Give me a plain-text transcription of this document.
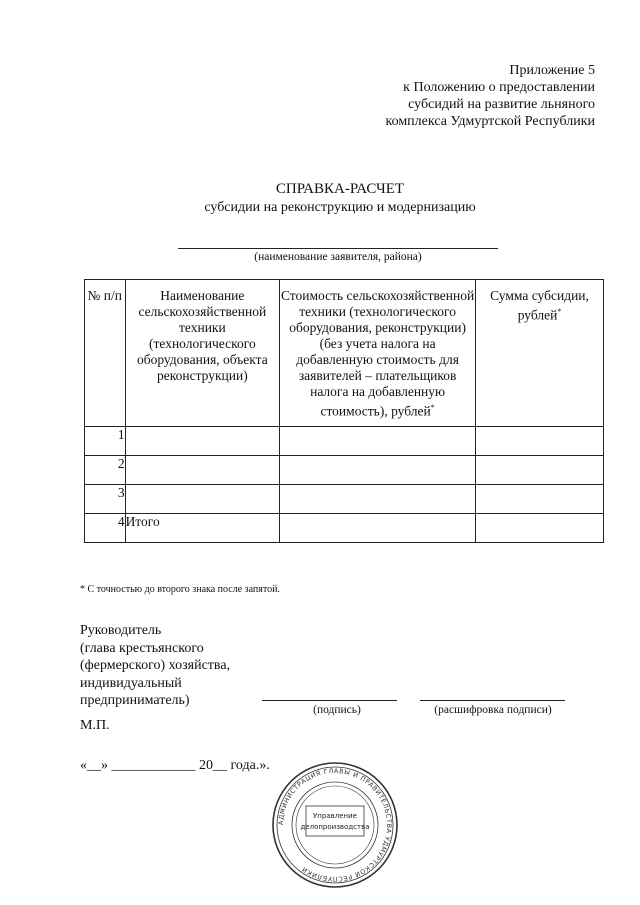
Приложение 5
к Положению о предоставлении
субсидий на развитие льняного
комплекса Удмуртской Республики
СПРАВКА-РАСЧЕТ
субсидии на реконструкцию и модернизацию
(наименование заявителя, района)
№ п/п	Наименование сельскохозяйственной техники (технологического оборудования, объекта реконструкции)	Стоимость сельскохозяйственной техники (технологического оборудования, реконструкции) (без учета налога на добавленную стоимость для заявителей – плательщиков налога на добавленную стоимость), рублей*	Сумма субсидии, рублей*
1			
2			
3			
4	Итого		
* С точностью до второго знака после запятой.
Руководитель
(глава крестьянского
(фермерского) хозяйства,
индивидуальный
предприниматель)
(подпись)	(расшифровка подписи)
М.П.
«__» ____________ 20__ года.».
АДМИНИСТРАЦИЯ ГЛАВЫ И ПРАВИТЕЛЬСТВА УДМУРТСКОЙ РЕСПУБЛИКИ
Управление
делопроизводства
